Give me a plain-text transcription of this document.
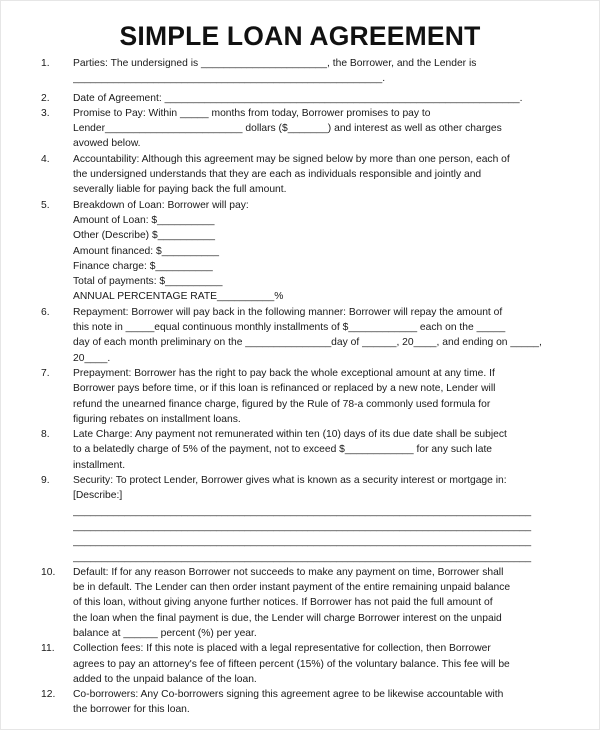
SIMPLE LOAN AGREEMENT
1.	Parties: The undersigned is ______________________, the Borrower, and the Lender is
______________________________________________________.
2.	Date of Agreement: ______________________________________________________________.
3.	Promise to Pay: Within _____ months from today, Borrower promises to pay to
Lender________________________ dollars ($_______) and interest as well as other charges
avowed below.
4.	Accountability: Although this agreement may be signed below by more than one person, each of
the undersigned understands that they are each as individuals responsible and jointly and
severally liable for paying back the full amount.
5.	Breakdown of Loan: Borrower will pay:
Amount of Loan: $__________
Other (Describe) $__________
Amount financed: $__________
Finance charge: $__________
Total of payments: $__________
ANNUAL PERCENTAGE RATE__________%
6.	Repayment: Borrower will pay back in the following manner: Borrower will repay the amount of
this note in _____equal continuous monthly installments of $____________ each on the _____
day of each month preliminary on the _______________day of ______, 20____, and ending on _____,
20____.
7.	Prepayment: Borrower has the right to pay back the whole exceptional amount at any time. If
Borrower pays before time, or if this loan is refinanced or replaced by a new note, Lender will
refund the unearned finance charge, figured by the Rule of 78-a commonly used formula for
figuring rebates on installment loans.
8.	Late Charge: Any payment not remunerated within ten (10) days of its due date shall be subject
to a belatedly charge of 5% of the payment, not to exceed $____________ for any such late
installment.
9.	Security: To protect Lender, Borrower gives what is known as a security interest or mortgage in:
[Describe:]
________________________________________________________________________________
________________________________________________________________________________
________________________________________________________________________________
________________________________________________________________________________
10.	Default: If for any reason Borrower not succeeds to make any payment on time, Borrower shall
be in default. The Lender can then order instant payment of the entire remaining unpaid balance
of this loan, without giving anyone further notices. If Borrower has not paid the full amount of
the loan when the final payment is due, the Lender will charge Borrower interest on the unpaid
balance at ______ percent (%) per year.
11.	Collection fees: If this note is placed with a legal representative for collection, then Borrower
agrees to pay an attorney's fee of fifteen percent (15%) of the voluntary balance. This fee will be
added to the unpaid balance of the loan.
12.	Co-borrowers: Any Co-borrowers signing this agreement agree to be likewise accountable with
the borrower for this loan.
